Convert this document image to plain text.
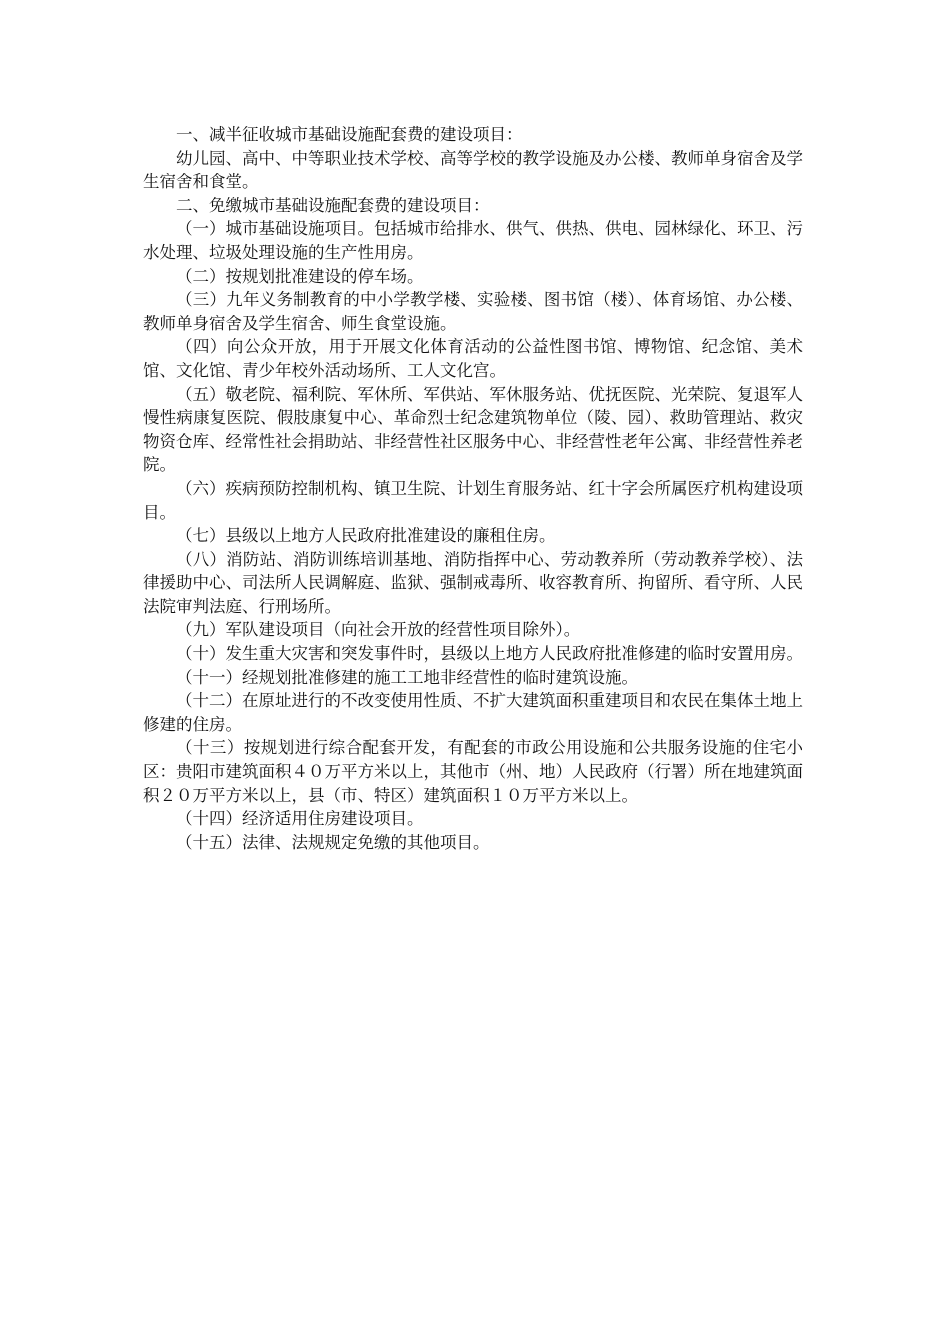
一、减半征收城市基础设施配套费的建设项目：

幼儿园、高中、中等职业技术学校、高等学校的教学设施及办公楼、教师单身宿舍及学生宿舍和食堂。

二、免缴城市基础设施配套费的建设项目：

（一）城市基础设施项目。包括城市给排水、供气、供热、供电、园林绿化、环卫、污水处理、垃圾处理设施的生产性用房。

（二）按规划批准建设的停车场。

（三）九年义务制教育的中小学教学楼、实验楼、图书馆（楼）、体育场馆、办公楼、教师单身宿舍及学生宿舍、师生食堂设施。

（四）向公众开放，用于开展文化体育活动的公益性图书馆、博物馆、纪念馆、美术馆、文化馆、青少年校外活动场所、工人文化宫。

（五）敬老院、福利院、军休所、军供站、军休服务站、优抚医院、光荣院、复退军人慢性病康复医院、假肢康复中心、革命烈士纪念建筑物单位（陵、园）、救助管理站、救灾物资仓库、经常性社会捐助站、非经营性社区服务中心、非经营性老年公寓、非经营性养老院。

（六）疾病预防控制机构、镇卫生院、计划生育服务站、红十字会所属医疗机构建设项目。

（七）县级以上地方人民政府批准建设的廉租住房。

（八）消防站、消防训练培训基地、消防指挥中心、劳动教养所（劳动教养学校）、法律援助中心、司法所人民调解庭、监狱、强制戒毒所、收容教育所、拘留所、看守所、人民法院审判法庭、行刑场所。

（九）军队建设项目（向社会开放的经营性项目除外）。

（十）发生重大灾害和突发事件时，县级以上地方人民政府批准修建的临时安置用房。

（十一）经规划批准修建的施工工地非经营性的临时建筑设施。

（十二）在原址进行的不改变使用性质、不扩大建筑面积重建项目和农民在集体土地上修建的住房。

（十三）按规划进行综合配套开发，有配套的市政公用设施和公共服务设施的住宅小区：贵阳市建筑面积４０万平方米以上，其他市（州、地）人民政府（行署）所在地建筑面积２０万平方米以上，县（市、特区）建筑面积１０万平方米以上。

（十四）经济适用住房建设项目。

（十五）法律、法规规定免缴的其他项目。
